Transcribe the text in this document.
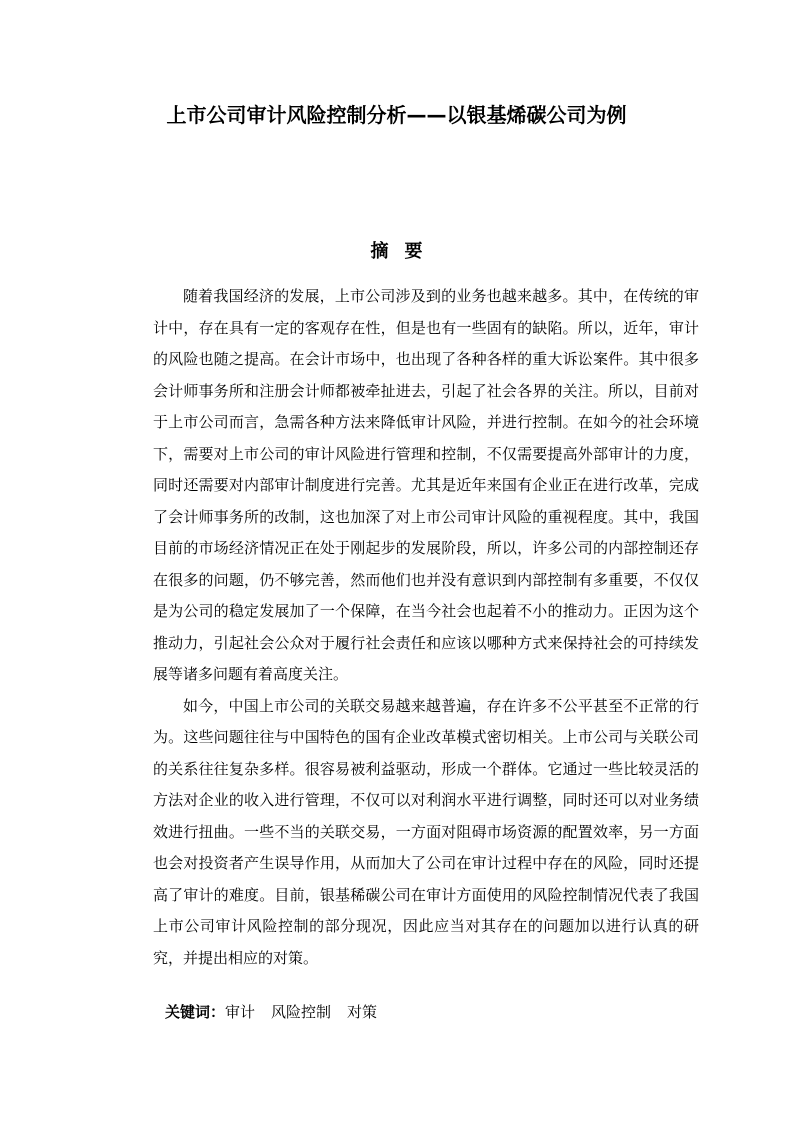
上市公司审计风险控制分析——以银基烯碳公司为例
摘 要

随着我国经济的发展，上市公司涉及到的业务也越来越多。其中，在传统的审计中，存在具有一定的客观存在性，但是也有一些固有的缺陷。所以，近年，审计的风险也随之提高。在会计市场中，也出现了各种各样的重大诉讼案件。其中很多会计师事务所和注册会计师都被牵扯进去，引起了社会各界的关注。所以，目前对于上市公司而言，急需各种方法来降低审计风险，并进行控制。在如今的社会环境下，需要对上市公司的审计风险进行管理和控制，不仅需要提高外部审计的力度，同时还需要对内部审计制度进行完善。尤其是近年来国有企业正在进行改革，完成了会计师事务所的改制，这也加深了对上市公司审计风险的重视程度。其中，我国目前的市场经济情况正在处于刚起步的发展阶段，所以，许多公司的内部控制还存在很多的问题，仍不够完善，然而他们也并没有意识到内部控制有多重要，不仅仅是为公司的稳定发展加了一个保障，在当今社会也起着不小的推动力。正因为这个推动力，引起社会公众对于履行社会责任和应该以哪种方式来保持社会的可持续发展等诸多问题有着高度关注。

如今，中国上市公司的关联交易越来越普遍，存在许多不公平甚至不正常的行为。这些问题往往与中国特色的国有企业改革模式密切相关。上市公司与关联公司的关系往往复杂多样。很容易被利益驱动，形成一个群体。它通过一些比较灵活的方法对企业的收入进行管理，不仅可以对利润水平进行调整，同时还可以对业务绩效进行扭曲。一些不当的关联交易，一方面对阻碍市场资源的配置效率，另一方面也会对投资者产生误导作用，从而加大了公司在审计过程中存在的风险，同时还提高了审计的难度。目前，银基稀碳公司在审计方面使用的风险控制情况代表了我国上市公司审计风险控制的部分现况，因此应当对其存在的问题加以进行认真的研究，并提出相应的对策。

关键词：审计 风险控制 对策
